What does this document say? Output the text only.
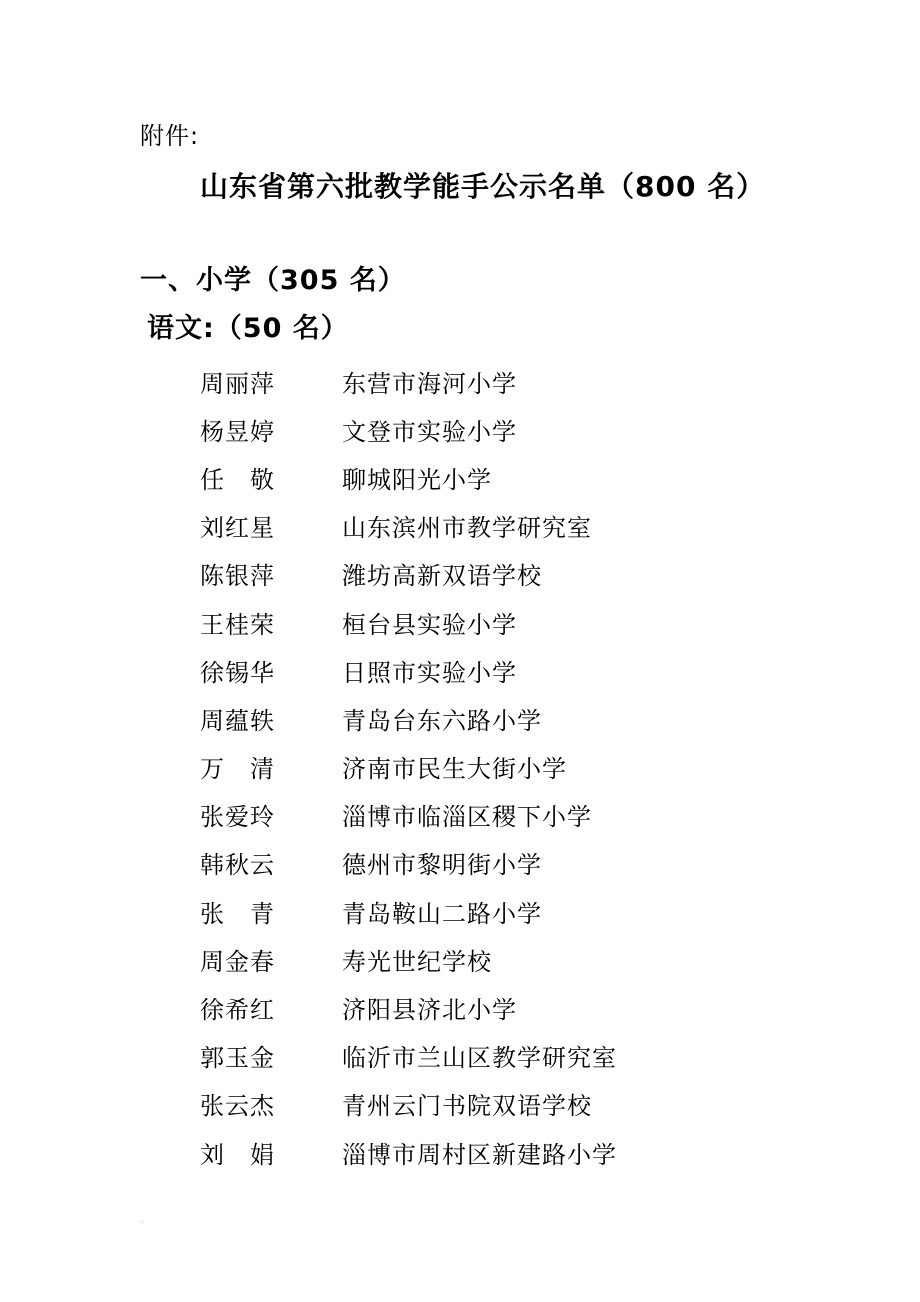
附件:
山东省第六批教学能手公示名单（800 名）
一、小学（305 名）
语文:（50 名）
周丽萍	东营市海河小学
杨昱婷	文登市实验小学
任　敬	聊城阳光小学
刘红星	山东滨州市教学研究室
陈银萍	潍坊高新双语学校
王桂荣	桓台县实验小学
徐锡华	日照市实验小学
周蕴轶	青岛台东六路小学
万　清	济南市民生大街小学
张爱玲	淄博市临淄区稷下小学
韩秋云	德州市黎明街小学
张　青	青岛鞍山二路小学
周金春	寿光世纪学校
徐希红	济阳县济北小学
郭玉金	临沂市兰山区教学研究室
张云杰	青州云门书院双语学校
刘　娟	淄博市周村区新建路小学
